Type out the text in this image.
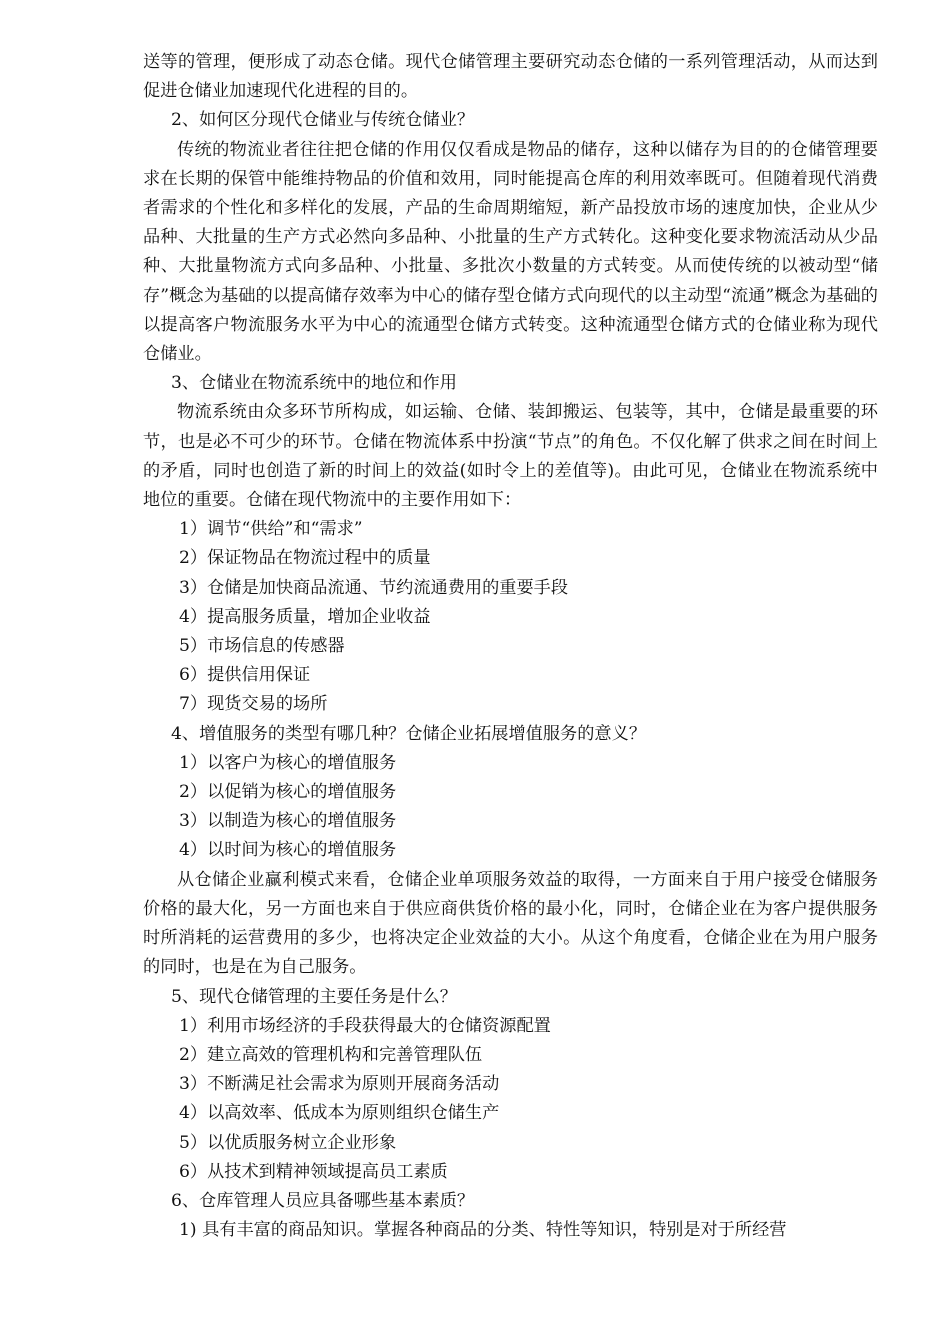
送等的管理，便形成了动态仓储。现代仓储管理主要研究动态仓储的一系列管理活动，从而达到促进仓储业加速现代化进程的目的。

2、如何区分现代仓储业与传统仓储业？

传统的物流业者往往把仓储的作用仅仅看成是物品的储存，这种以储存为目的的仓储管理要求在长期的保管中能维持物品的价值和效用，同时能提高仓库的利用效率既可。但随着现代消费者需求的个性化和多样化的发展，产品的生命周期缩短，新产品投放市场的速度加快，企业从少品种、大批量的生产方式必然向多品种、小批量的生产方式转化。这种变化要求物流活动从少品种、大批量物流方式向多品种、小批量、多批次小数量的方式转变。从而使传统的以被动型“储存”概念为基础的以提高储存效率为中心的储存型仓储方式向现代的以主动型“流通”概念为基础的以提高客户物流服务水平为中心的流通型仓储方式转变。这种流通型仓储方式的仓储业称为现代仓储业。

3、仓储业在物流系统中的地位和作用

物流系统由众多环节所构成，如运输、仓储、装卸搬运、包装等，其中，仓储是最重要的环节，也是必不可少的环节。仓储在物流体系中扮演“节点”的角色。不仅化解了供求之间在时间上的矛盾，同时也创造了新的时间上的效益(如时令上的差值等)。由此可见，仓储业在物流系统中地位的重要。仓储在现代物流中的主要作用如下：

1）调节“供给”和“需求”

2）保证物品在物流过程中的质量

3）仓储是加快商品流通、节约流通费用的重要手段

4）提高服务质量，增加企业收益

5）市场信息的传感器

6）提供信用保证

7）现货交易的场所

4、增值服务的类型有哪几种？仓储企业拓展增值服务的意义？

1）以客户为核心的增值服务

2）以促销为核心的增值服务

3）以制造为核心的增值服务

4）以时间为核心的增值服务

从仓储企业赢利模式来看，仓储企业单项服务效益的取得，一方面来自于用户接受仓储服务价格的最大化，另一方面也来自于供应商供货价格的最小化，同时，仓储企业在为客户提供服务时所消耗的运营费用的多少，也将决定企业效益的大小。从这个角度看，仓储企业在为用户服务的同时，也是在为自己服务。

5、现代仓储管理的主要任务是什么？

1）利用市场经济的手段获得最大的仓储资源配置

2）建立高效的管理机构和完善管理队伍

3）不断满足社会需求为原则开展商务活动

4）以高效率、低成本为原则组织仓储生产

5）以优质服务树立企业形象

6）从技术到精神领域提高员工素质

6、仓库管理人员应具备哪些基本素质？

1) 具有丰富的商品知识。掌握各种商品的分类、特性等知识，特别是对于所经营
